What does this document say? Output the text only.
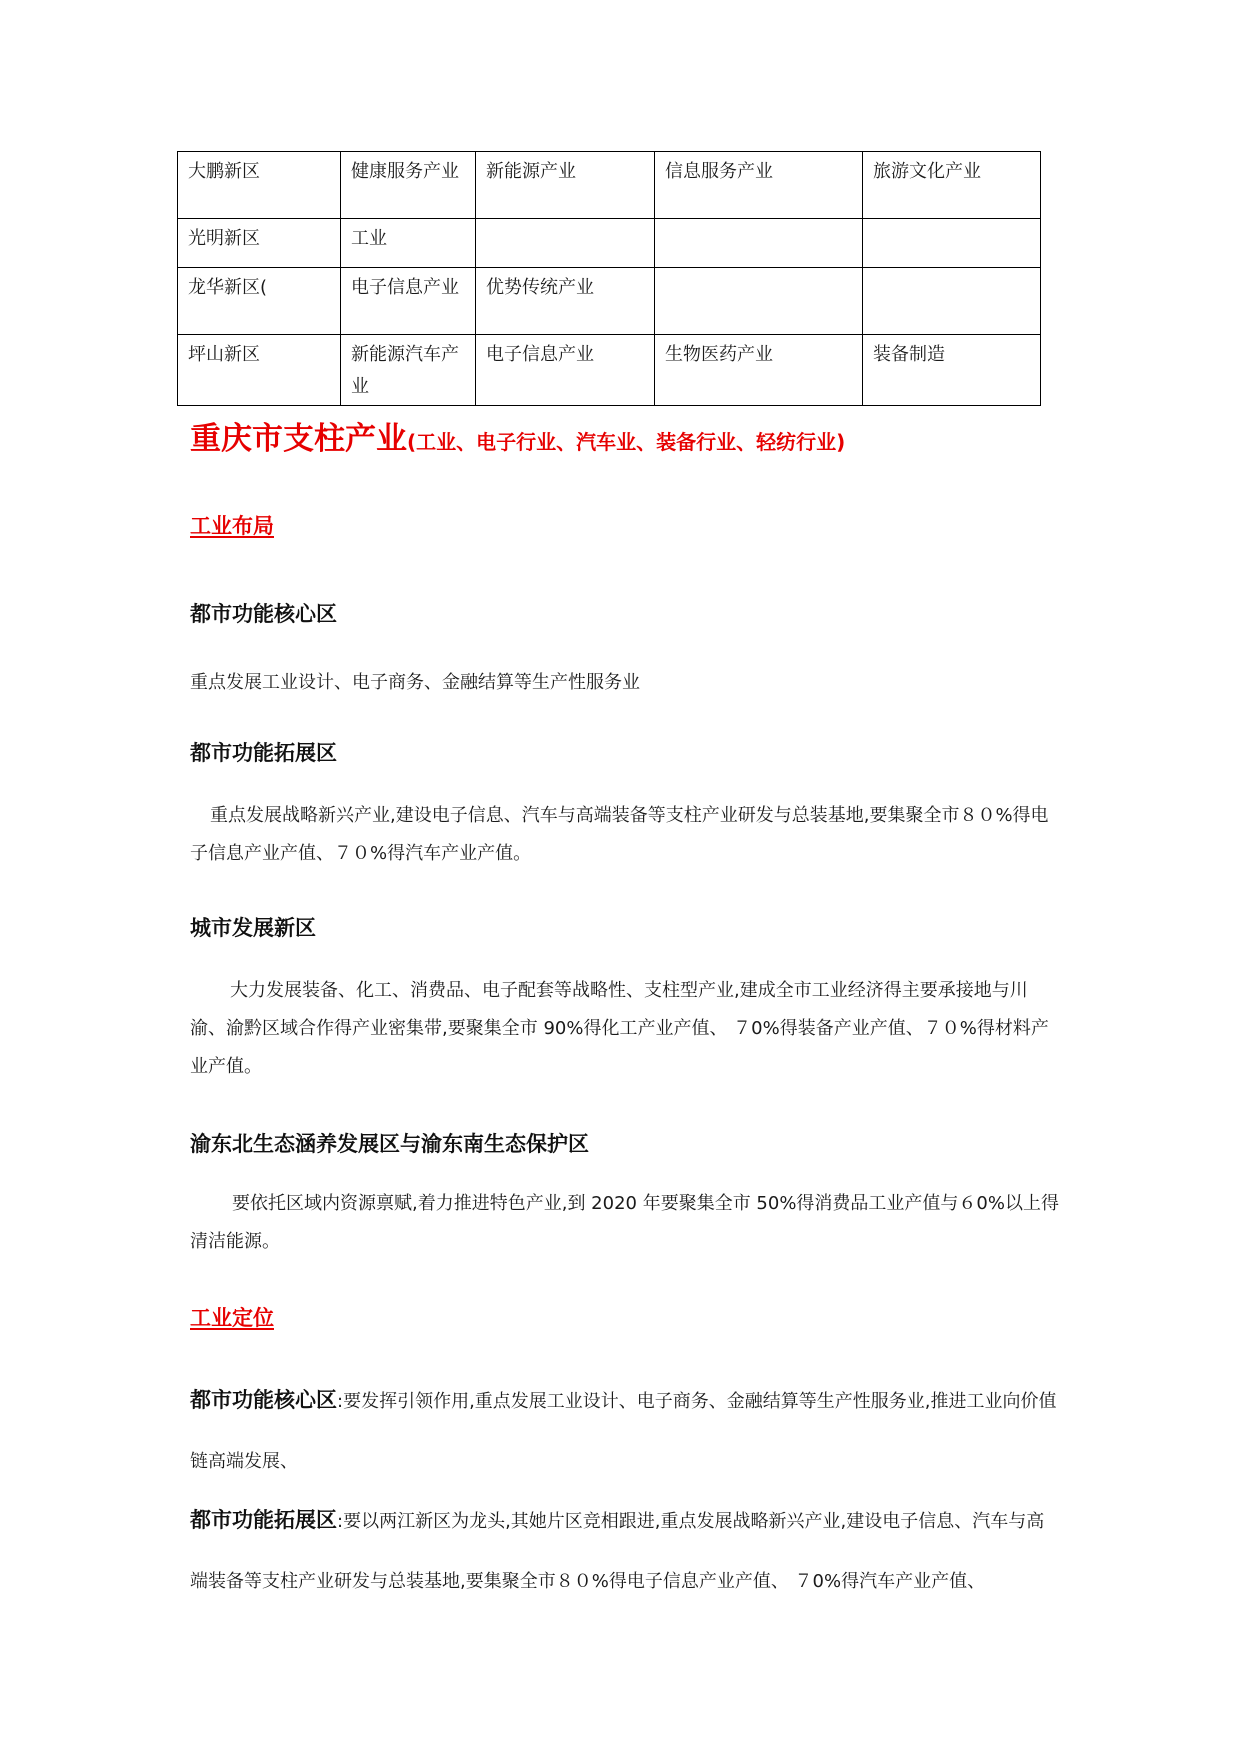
大鹏新区	健康服务产业	新能源产业	信息服务产业	旅游文化产业
光明新区	工业			
龙华新区(	电子信息产业	优势传统产业		
坪山新区	新能源汽车产业	电子信息产业	生物医药产业	装备制造
重庆市支柱产业(工业、电子行业、汽车业、装备行业、轻纺行业)
工业布局
都市功能核心区
重点发展工业设计、电子商务、金融结算等生产性服务业
都市功能拓展区
重点发展战略新兴产业,建设电子信息、汽车与高端装备等支柱产业研发与总装基地,要集聚全市８０%得电子信息产业产值、７０%得汽车产业产值。
城市发展新区
大力发展装备、化工、消费品、电子配套等战略性、支柱型产业,建成全市工业经济得主要承接地与川渝、渝黔区域合作得产业密集带,要聚集全市 90%得化工产业产值、 ７0%得装备产业产值、７０%得材料产业产值。
渝东北生态涵养发展区与渝东南生态保护区
要依托区域内资源禀赋,着力推进特色产业,到 2020 年要聚集全市 50%得消费品工业产值与６0%以上得清洁能源。
工业定位
都市功能核心区:要发挥引领作用,重点发展工业设计、电子商务、金融结算等生产性服务业,推进工业向价值链高端发展、
都市功能拓展区:要以两江新区为龙头,其她片区竞相跟进,重点发展战略新兴产业,建设电子信息、汽车与高端装备等支柱产业研发与总装基地,要集聚全市８０%得电子信息产业产值、 ７0%得汽车产业产值、
